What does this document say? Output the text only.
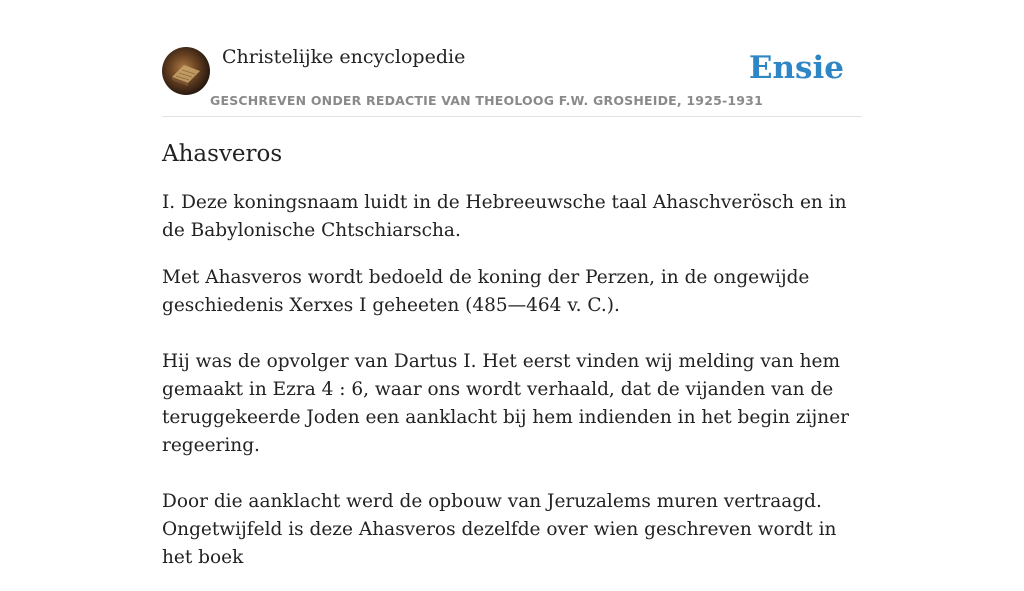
Christelijke encyclopedie
GESCHREVEN ONDER REDACTIE VAN THEOLOOG F.W. GROSHEIDE, 1925-1931
Ensie
Ahasveros

I. Deze koningsnaam luidt in de Hebreeuwsche taal Ahaschverösch en in de Babylonische Chtschiarscha.

Met Ahasveros wordt bedoeld de koning der Perzen, in de ongewijde geschiedenis Xerxes I geheeten (485—464 v. C.).

Hij was de opvolger van Dartus I. Het eerst vinden wij melding van hem gemaakt in Ezra 4 : 6, waar ons wordt verhaald, dat de vijanden van de teruggekeerde Joden een aanklacht bij hem indienden in het begin zijner regeering.

Door die aanklacht werd de opbouw van Jeruzalems muren vertraagd. Ongetwijfeld is deze Ahasveros dezelfde over wien geschreven wordt in het boek
